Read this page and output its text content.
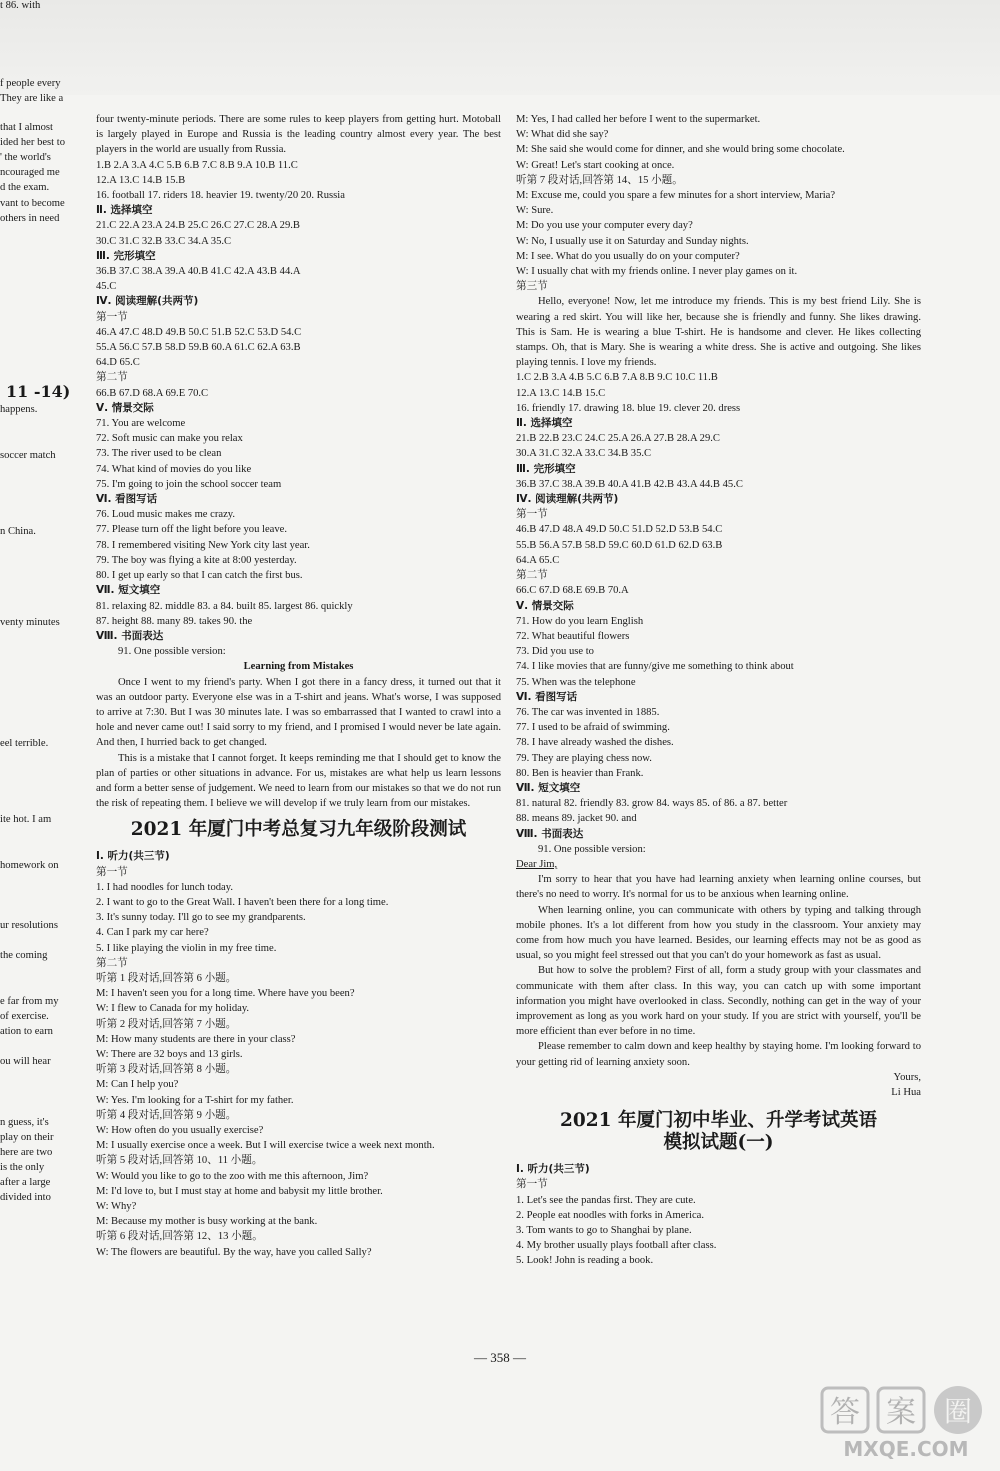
t 86. with
f people every
They are like a
that I almost
ided her best to
' the world's
ncouraged me
d the exam.
vant to become
others in need
happens.
soccer match
n China.
venty minutes
eel terrible.
ite hot. I am
homework on
ur resolutions
the coming
e far from my
of exercise.
ation to earn
ou will hear
n guess, it's
play on their
here are two
is the only
after a large
divided into
11 -14)
four twenty-minute periods. There are some rules to keep players from getting hurt. Motoball is largely played in Europe and Russia is the leading country almost every year. The best players in the world are usually from Russia.
1.B 2.A 3.A 4.C 5.B 6.B 7.C 8.B 9.A 10.B 11.C
12.A 13.C 14.B 15.B
16. football 17. riders 18. heavier 19. twenty/20 20. Russia
Ⅱ. 选择填空
21.C 22.A 23.A 24.B 25.C 26.C 27.C 28.A 29.B
30.C 31.C 32.B 33.C 34.A 35.C
Ⅲ. 完形填空
36.B 37.C 38.A 39.A 40.B 41.C 42.A 43.B 44.A
45.C
Ⅳ. 阅读理解(共两节)
第一节
46.A 47.C 48.D 49.B 50.C 51.B 52.C 53.D 54.C
55.A 56.C 57.B 58.D 59.B 60.A 61.C 62.A 63.B
64.D 65.C
第二节
66.B 67.D 68.A 69.E 70.C
Ⅴ. 情景交际
71. You are welcome
72. Soft music can make you relax
73. The river used to be clean
74. What kind of movies do you like
75. I'm going to join the school soccer team
Ⅵ. 看图写话
76. Loud music makes me crazy.
77. Please turn off the light before you leave.
78. I remembered visiting New York city last year.
79. The boy was flying a kite at 8:00 yesterday.
80. I get up early so that I can catch the first bus.
Ⅶ. 短文填空
81. relaxing 82. middle 83. a 84. built 85. largest 86. quickly
87. height 88. many 89. takes 90. the
Ⅷ. 书面表达
91. One possible version:
Learning from Mistakes
Once I went to my friend's party. When I got there in a fancy dress, it turned out that it was an outdoor party. Everyone else was in a T-shirt and jeans. What's worse, I was supposed to arrive at 7:30. But I was 30 minutes late. I was so embarrassed that I wanted to crawl into a hole and never came out! I said sorry to my friend, and I promised I would never be late again. And then, I hurried back to get changed.
This is a mistake that I cannot forget. It keeps reminding me that I should get to know the plan of parties or other situations in advance. For us, mistakes are what help us learn lessons and form a better sense of judgement. We need to learn from our mistakes so that we do not run the risk of repeating them. I believe we will develop if we truly learn from our mistakes.
2021 年厦门中考总复习九年级阶段测试
Ⅰ. 听力(共三节)
第一节
1. I had noodles for lunch today.
2. I want to go to the Great Wall. I haven't been there for a long time.
3. It's sunny today. I'll go to see my grandparents.
4. Can I park my car here?
5. I like playing the violin in my free time.
第二节
听第 1 段对话,回答第 6 小题。
M: I haven't seen you for a long time. Where have you been?
W: I flew to Canada for my holiday.
听第 2 段对话,回答第 7 小题。
M: How many students are there in your class?
W: There are 32 boys and 13 girls.
听第 3 段对话,回答第 8 小题。
M: Can I help you?
W: Yes. I'm looking for a T-shirt for my father.
听第 4 段对话,回答第 9 小题。
W: How often do you usually exercise?
M: I usually exercise once a week. But I will exercise twice a week next month.
听第 5 段对话,回答第 10、11 小题。
W: Would you like to go to the zoo with me this afternoon, Jim?
M: I'd love to, but I must stay at home and babysit my little brother.
W: Why?
M: Because my mother is busy working at the bank.
听第 6 段对话,回答第 12、13 小题。
W: The flowers are beautiful. By the way, have you called Sally?
M: Yes, I had called her before I went to the supermarket.
W: What did she say?
M: She said she would come for dinner, and she would bring some chocolate.
W: Great! Let's start cooking at once.
听第 7 段对话,回答第 14、15 小题。
M: Excuse me, could you spare a few minutes for a short interview, Maria?
W: Sure.
M: Do you use your computer every day?
W: No, I usually use it on Saturday and Sunday nights.
M: I see. What do you usually do on your computer?
W: I usually chat with my friends online. I never play games on it.
第三节
Hello, everyone! Now, let me introduce my friends. This is my best friend Lily. She is wearing a red skirt. You will like her, because she is friendly and funny. She likes drawing. This is Sam. He is wearing a blue T-shirt. He is handsome and clever. He likes collecting stamps. Oh, that is Mary. She is wearing a white dress. She is active and outgoing. She likes playing tennis. I love my friends.
1.C 2.B 3.A 4.B 5.C 6.B 7.A 8.B 9.C 10.C 11.B
12.A 13.C 14.B 15.C
16. friendly 17. drawing 18. blue 19. clever 20. dress
Ⅱ. 选择填空
21.B 22.B 23.C 24.C 25.A 26.A 27.B 28.A 29.C
30.A 31.C 32.A 33.C 34.B 35.C
Ⅲ. 完形填空
36.B 37.C 38.A 39.B 40.A 41.B 42.B 43.A 44.B 45.C
Ⅳ. 阅读理解(共两节)
第一节
46.B 47.D 48.A 49.D 50.C 51.D 52.D 53.B 54.C
55.B 56.A 57.B 58.D 59.C 60.D 61.D 62.D 63.B
64.A 65.C
第二节
66.C 67.D 68.E 69.B 70.A
Ⅴ. 情景交际
71. How do you learn English
72. What beautiful flowers
73. Did you use to
74. I like movies that are funny/give me something to think about
75. When was the telephone
Ⅵ. 看图写话
76. The car was invented in 1885.
77. I used to be afraid of swimming.
78. I have already washed the dishes.
79. They are playing chess now.
80. Ben is heavier than Frank.
Ⅶ. 短文填空
81. natural 82. friendly 83. grow 84. ways 85. of 86. a 87. better
88. means 89. jacket 90. and
Ⅷ. 书面表达
91. One possible version:
Dear Jim,
I'm sorry to hear that you have had learning anxiety when learning online courses, but there's no need to worry. It's normal for us to be anxious when learning online.
When learning online, you can communicate with others by typing and talking through mobile phones. It's a lot different from how you study in the classroom. Your anxiety may come from how much you have learned. Besides, our learning effects may not be as good as usual, so you might feel stressed out that you can't do your homework as fast as usual.
But how to solve the problem? First of all, form a study group with your classmates and communicate with them after class. In this way, you can catch up with some important information you might have overlooked in class. Secondly, nothing can get in the way of your improvement as long as you work hard on your study. If you are strict with yourself, you'll be more efficient than ever before in no time.
Please remember to calm down and keep healthy by staying home. I'm looking forward to your getting rid of learning anxiety soon.
Yours,
Li Hua
2021 年厦门初中毕业、升学考试英语
模拟试题(一)
Ⅰ. 听力(共三节)
第一节
1. Let's see the pandas first. They are cute.
2. People eat noodles with forks in America.
3. Tom wants to go to Shanghai by plane.
4. My brother usually plays football after class.
5. Look! John is reading a book.
— 358 —
答 案 圈
MXQE.COM
